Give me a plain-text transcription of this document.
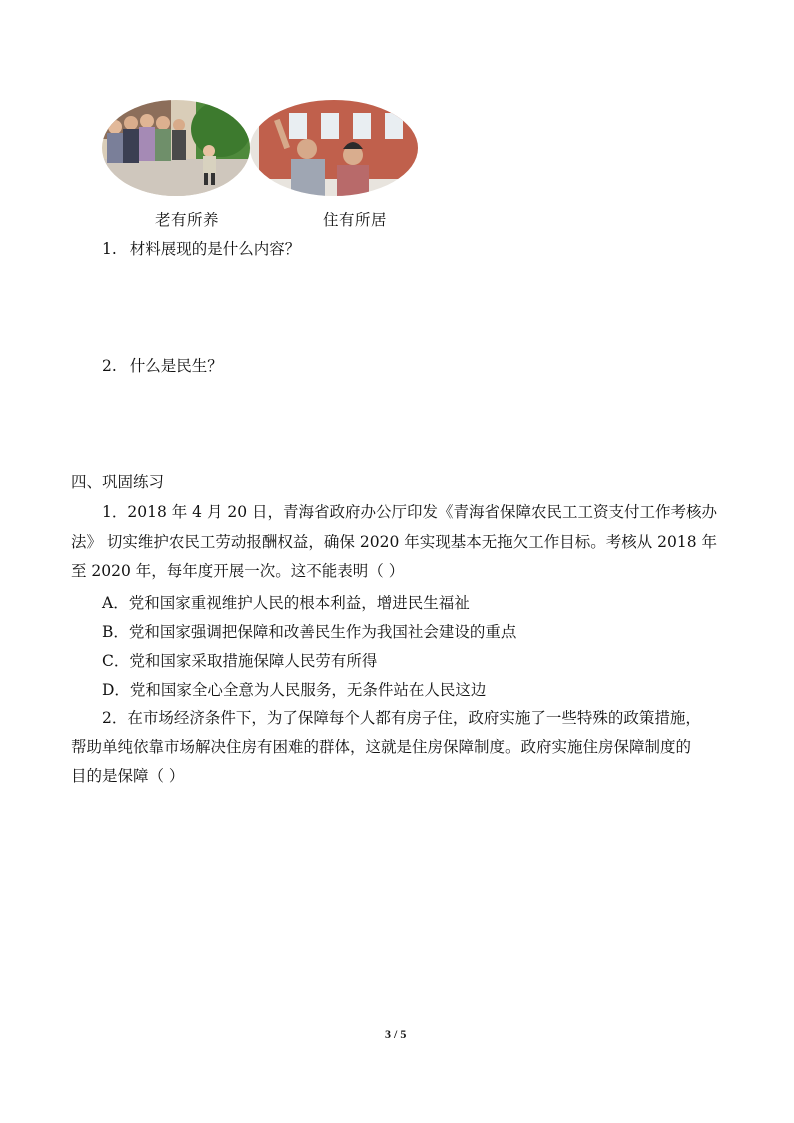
老有所养	住有所居
1. 材料展现的是什么内容？
2. 什么是民生？
四、巩固练习
1．2018 年 4 月 20 日，青海省政府办公厅印发《青海省保障农民工工资支付工作考核办
法》 切实维护农民工劳动报酬权益，确保 2020 年实现基本无拖欠工作目标。考核从 2018 年
至 2020 年，每年度开展一次。这不能表明（ ）
A．党和国家重视维护人民的根本利益，增进民生福祉
B．党和国家强调把保障和改善民生作为我国社会建设的重点
C．党和国家采取措施保障人民劳有所得
D．党和国家全心全意为人民服务，无条件站在人民这边
2．在市场经济条件下，为了保障每个人都有房子住，政府实施了一些特殊的政策措施，
帮助单纯依靠市场解决住房有困难的群体，这就是住房保障制度。政府实施住房保障制度的
目的是保障（ ）
3 / 5
